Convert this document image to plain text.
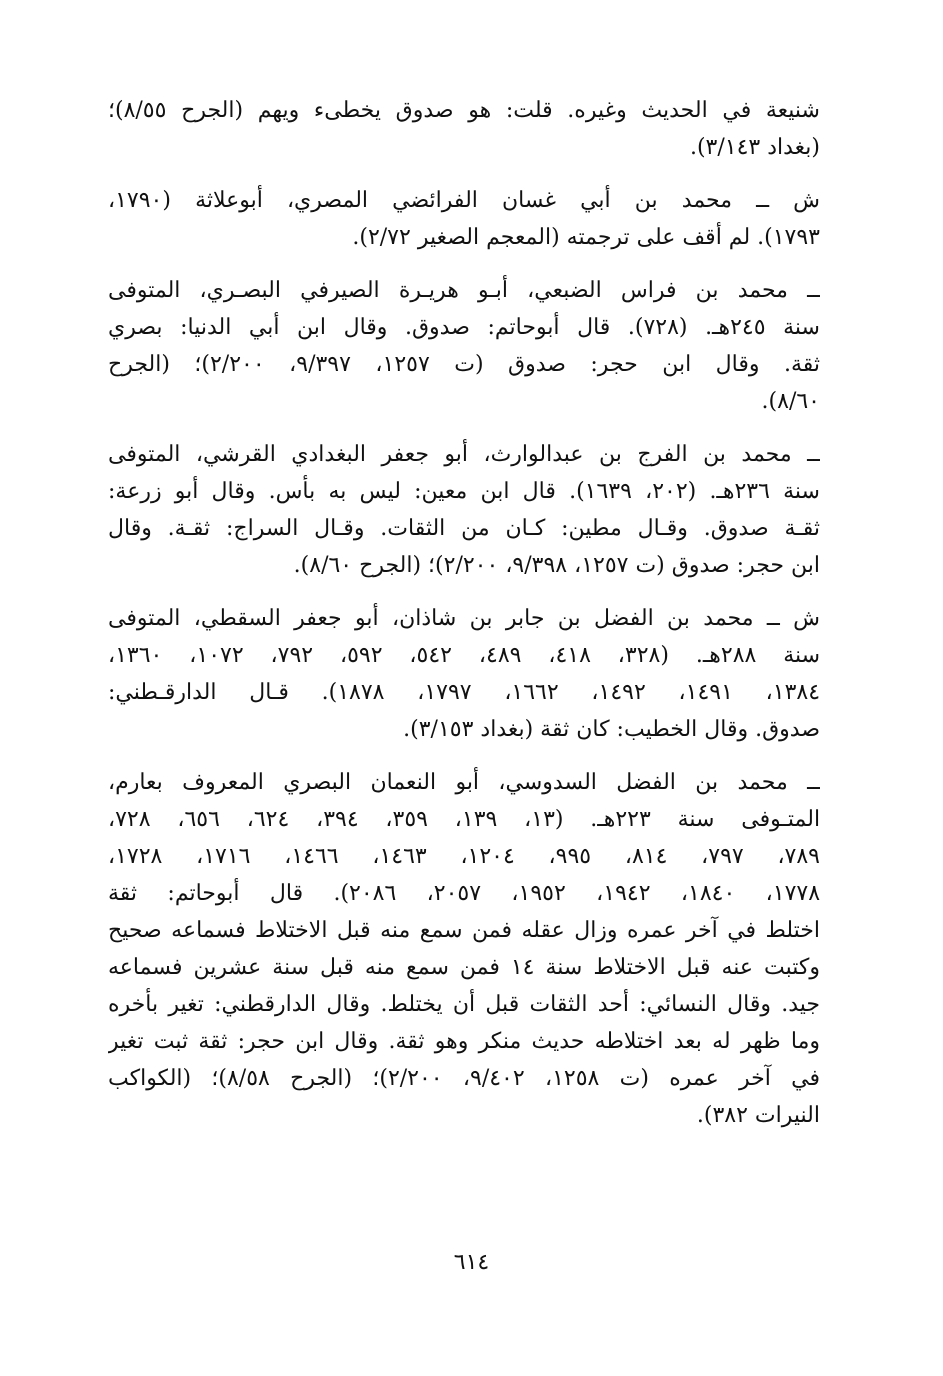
شنيعة في الحديث وغيره. قلت: هو صدوق يخطىء ويهم (الجرح ٨/٥٥)؛
(بغداد ٣/١٤٣).
ش ــ محمد بن أبي غسان الفرائضي المصري، أبوعلاثة (١٧٩٠،
١٧٩٣). لم أقف على ترجمته (المعجم الصغير ٢/٧٢).
ــ محمد بن فراس الضبعي، أبـو هريـرة الصيرفي البصـري، المتوفى
سنة ٢٤٥هـ. (٧٢٨). قال أبوحاتم: صدوق. وقال ابن أبي الدنيا: بصري
ثقة. وقال ابن حجر: صدوق (ت ١٢٥٧، ٩/٣٩٧، ٢/٢٠٠)؛ (الجرح
٨/٦٠).
ــ محمد بن الفرج بن عبدالوارث، أبو جعفر البغدادي القرشي، المتوفى
سنة ٢٣٦هـ. (٢٠٢، ١٦٣٩). قال ابن معين: ليس به بأس. وقال أبو زرعة:
ثقـة صدوق. وقـال مطين: كـان من الثقات. وقـال السراج: ثقـة. وقال
ابن حجر: صدوق (ت ١٢٥٧، ٩/٣٩٨، ٢/٢٠٠)؛ (الجرح ٨/٦٠).
ش ــ محمد بن الفضل بن جابر بن شاذان، أبو جعفر السقطي، المتوفى
سنة ٢٨٨هـ. (٣٢٨، ٤١٨، ٤٨٩، ٥٤٢، ٥٩٢، ٧٩٢، ١٠٧٢، ١٣٦٠،
١٣٨٤، ١٤٩١، ١٤٩٢، ١٦٦٢، ١٧٩٧، ١٨٧٨). قـال الدارقـطني:
صدوق. وقال الخطيب: كان ثقة (بغداد ٣/١٥٣).
ــ محمد بن الفضل السدوسي، أبو النعمان البصري المعروف بعارم،
المتـوفى سنة ٢٢٣هـ. (١٣، ١٣٩، ٣٥٩، ٣٩٤، ٦٢٤، ٦٥٦، ٧٢٨،
٧٨٩، ٧٩٧، ٨١٤، ٩٩٥، ١٢٠٤، ١٤٦٣، ١٤٦٦، ١٧١٦، ١٧٢٨،
١٧٧٨، ١٨٤٠، ١٩٤٢، ١٩٥٢، ٢٠٥٧، ٢٠٨٦). قال أبوحاتم: ثقة
اختلط في آخر عمره وزال عقله فمن سمع منه قبل الاختلاط فسماعه صحيح
وكتبت عنه قبل الاختلاط سنة ١٤ فمن سمع منه قبل سنة عشرين فسماعه
جيد. وقال النسائي: أحد الثقات قبل أن يختلط. وقال الدارقطني: تغير بأخره
وما ظهر له بعد اختلاطه حديث منكر وهو ثقة. وقال ابن حجر: ثقة ثبت تغير
في آخر عمره (ت ١٢٥٨، ٩/٤٠٢، ٢/٢٠٠)؛ (الجرح ٨/٥٨)؛ (الكواكب
النيرات ٣٨٢).
٦١٤
